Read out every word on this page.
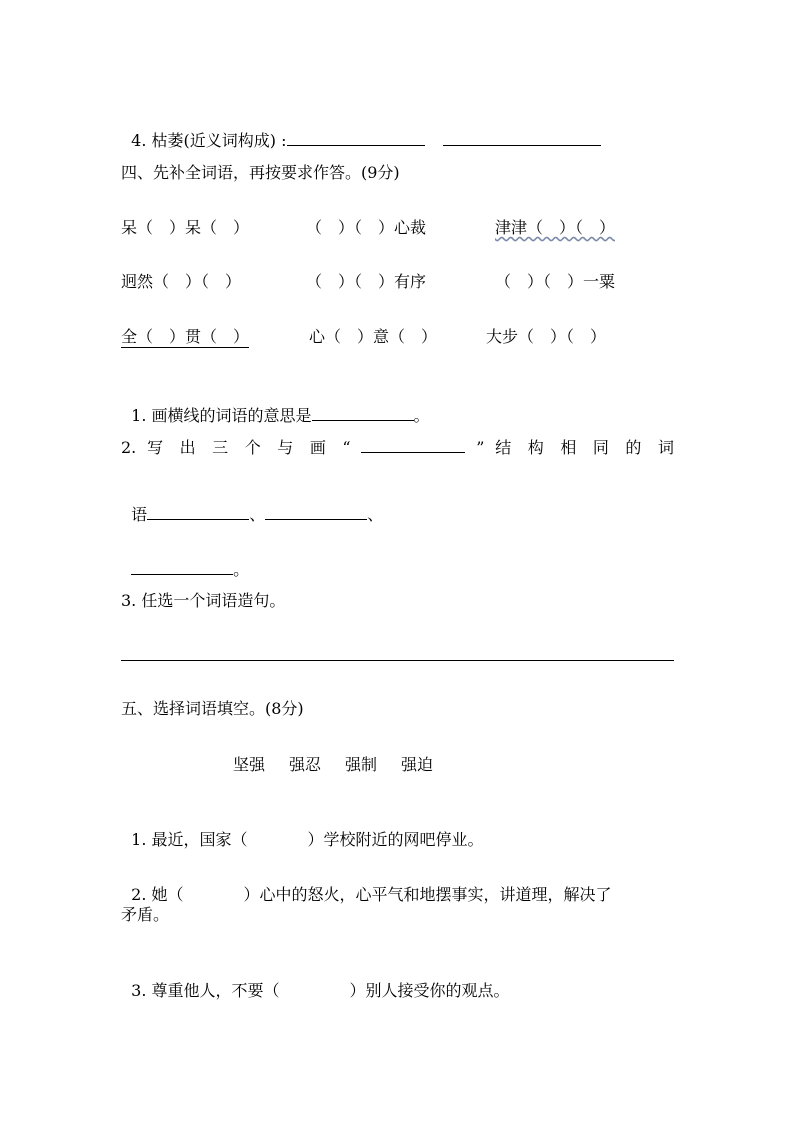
4. 枯萎(近义词构成) :

四、先补全词语，再按要求作答。(9分)
呆（　）呆（　）	（　）（　）心裁	津津（　）（　）
迥然（　）（　）	（　）（　）有序	（　）（　）一粟
全（　）贯（　）	心（　）意（　）	大步（　）（　）

1. 画横线的词语的意思是	。

2. 写 出 三 个 与 画 “	” 结 构 相 同 的 词

语	、	、

。

3. 任选一个词语造句。
五、选择词语填空。(8分)
坚强 强忍 强制 强迫

1. 最近，国家（	）学校附近的网吧停业。

2. 她（	）心中的怒火，心平气和地摆事实，讲道理，解决了

矛盾。

3. 尊重他人，不要（	）别人接受你的观点。
